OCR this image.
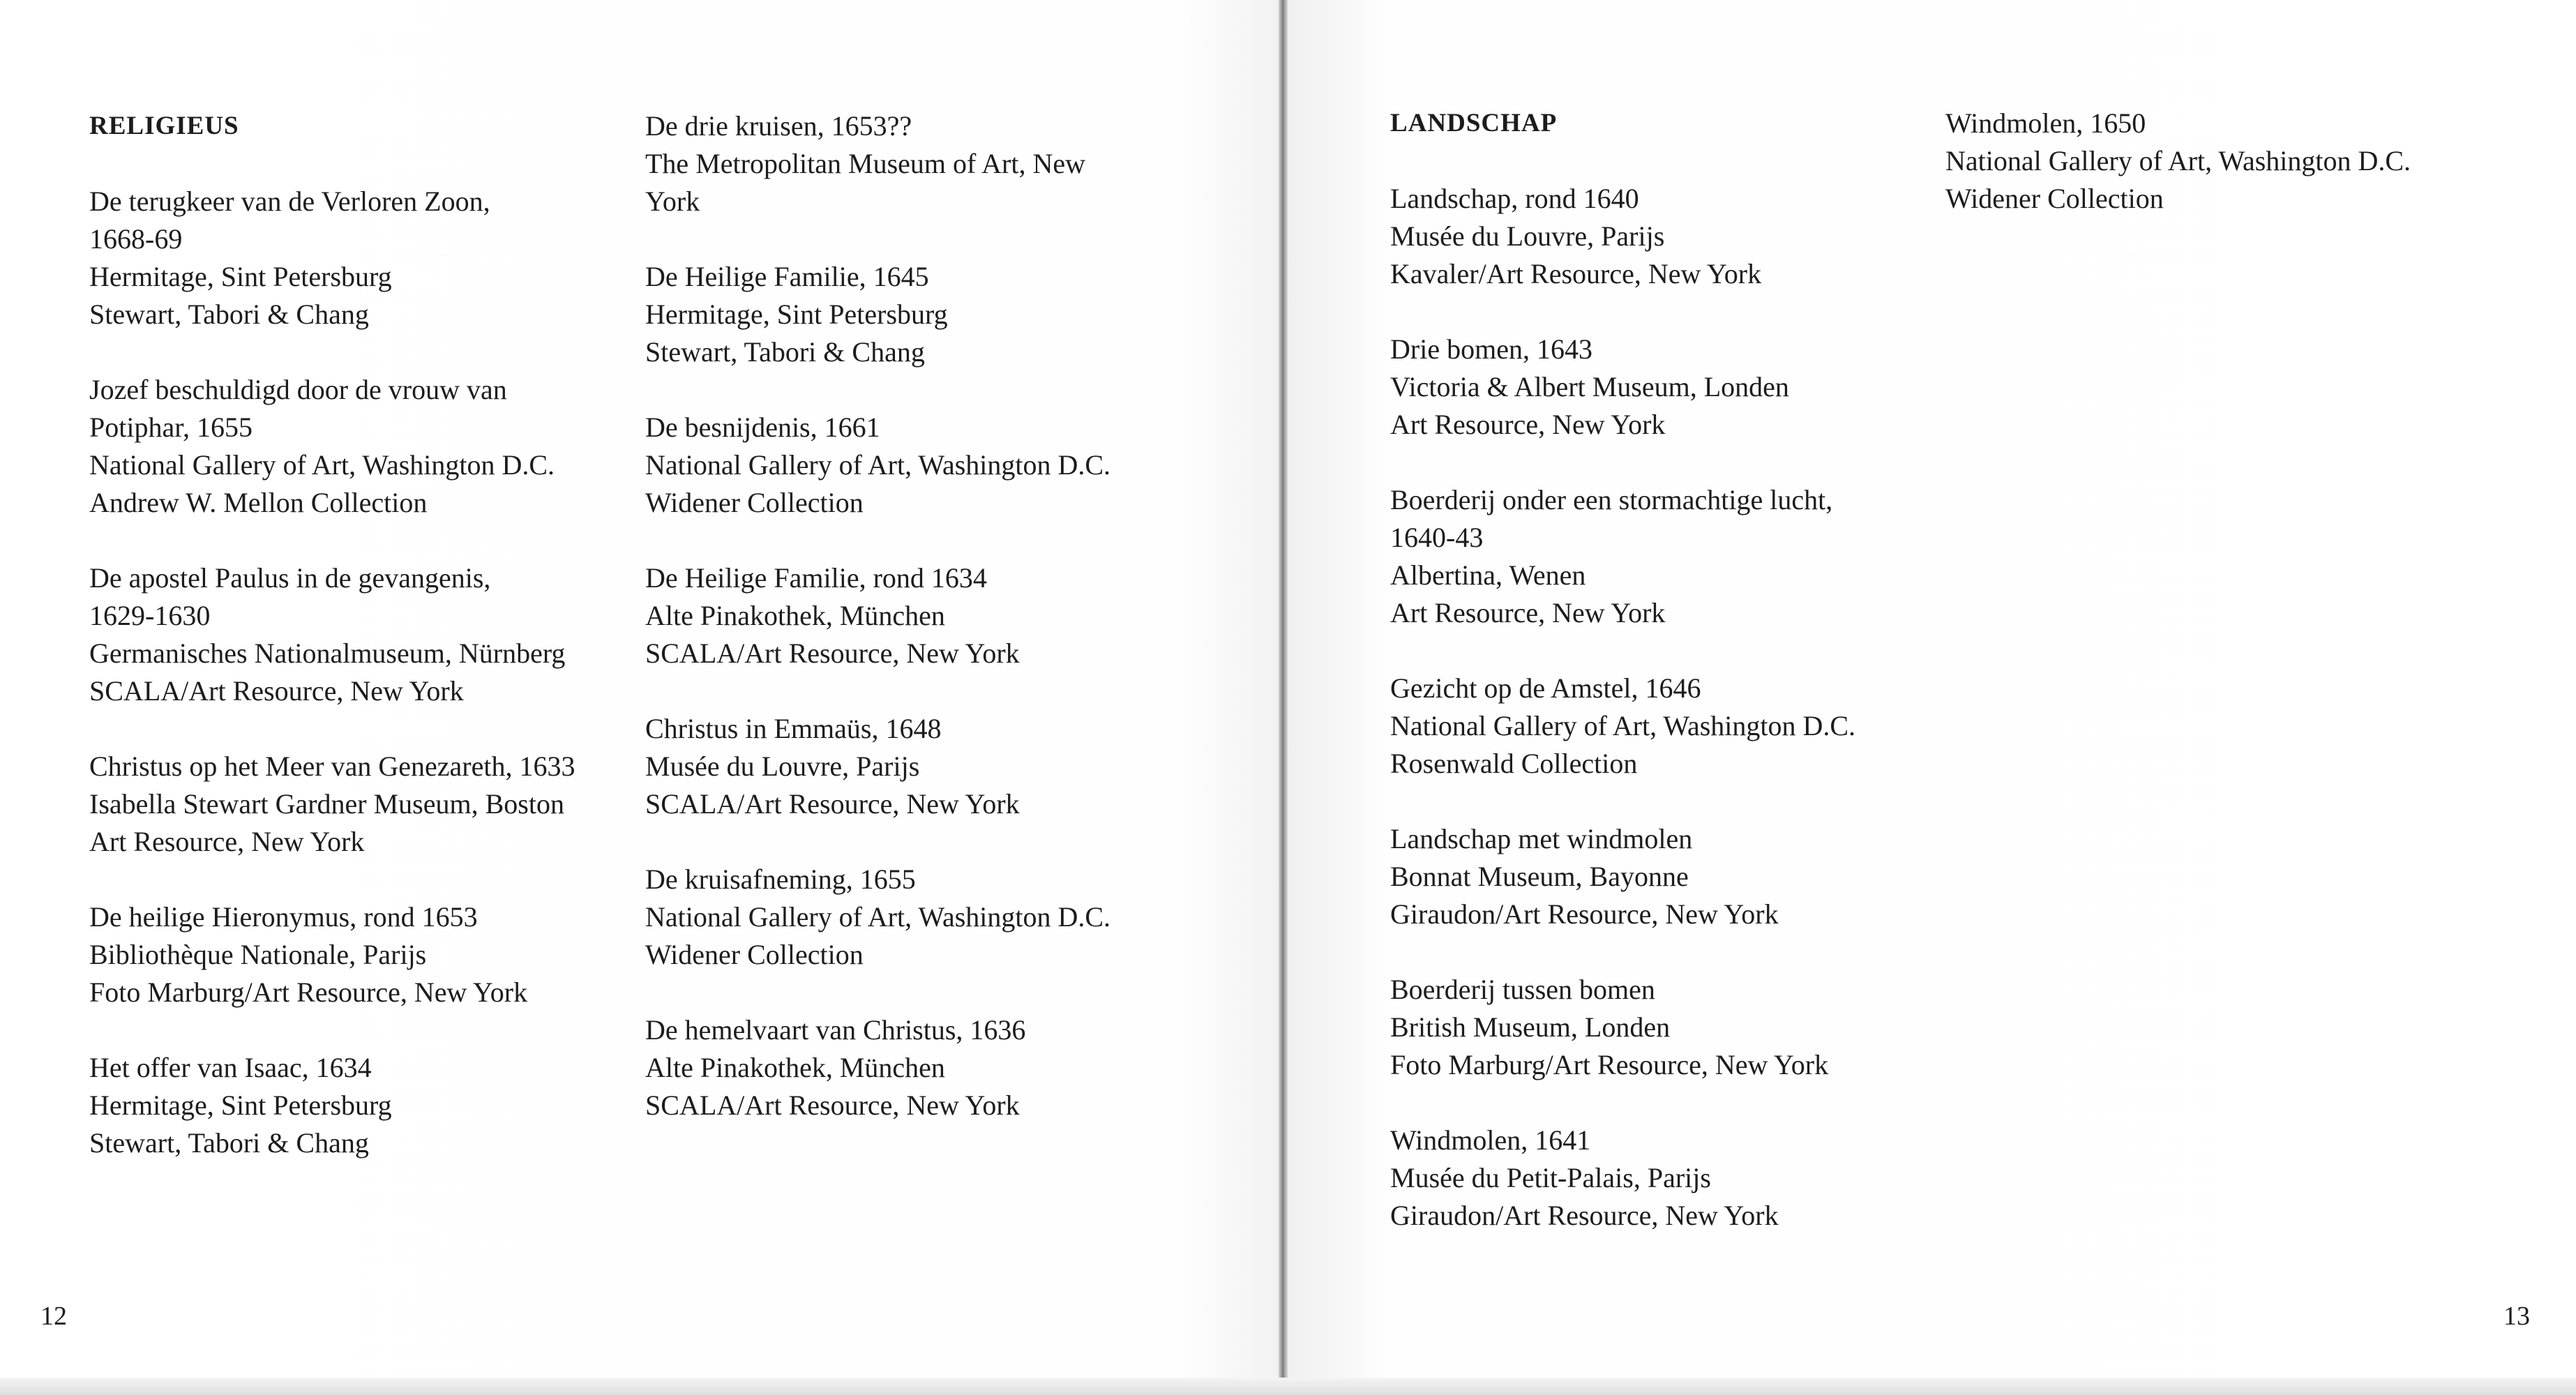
RELIGIEUS
De terugkeer van de Verloren Zoon,
1668-69
Hermitage, Sint Petersburg
Stewart, Tabori & Chang
Jozef beschuldigd door de vrouw van
Potiphar, 1655
National Gallery of Art, Washington D.C.
Andrew W. Mellon Collection
De apostel Paulus in de gevangenis,
1629-1630
Germanisches Nationalmuseum, Nürnberg
SCALA/Art Resource, New York
Christus op het Meer van Genezareth, 1633
Isabella Stewart Gardner Museum, Boston
Art Resource, New York
De heilige Hieronymus, rond 1653
Bibliothèque Nationale, Parijs
Foto Marburg/Art Resource, New York
Het offer van Isaac, 1634
Hermitage, Sint Petersburg
Stewart, Tabori & Chang
De drie kruisen, 1653??
The Metropolitan Museum of Art, New
York
De Heilige Familie, 1645
Hermitage, Sint Petersburg
Stewart, Tabori & Chang
De besnijdenis, 1661
National Gallery of Art, Washington D.C.
Widener Collection
De Heilige Familie, rond 1634
Alte Pinakothek, München
SCALA/Art Resource, New York
Christus in Emmaüs, 1648
Musée du Louvre, Parijs
SCALA/Art Resource, New York
De kruisafneming, 1655
National Gallery of Art, Washington D.C.
Widener Collection
De hemelvaart van Christus, 1636
Alte Pinakothek, München
SCALA/Art Resource, New York
12
LANDSCHAP
Landschap, rond 1640
Musée du Louvre, Parijs
Kavaler/Art Resource, New York
Drie bomen, 1643
Victoria & Albert Museum, Londen
Art Resource, New York
Boerderij onder een stormachtige lucht,
1640-43
Albertina, Wenen
Art Resource, New York
Gezicht op de Amstel, 1646
National Gallery of Art, Washington D.C.
Rosenwald Collection
Landschap met windmolen
Bonnat Museum, Bayonne
Giraudon/Art Resource, New York
Boerderij tussen bomen
British Museum, Londen
Foto Marburg/Art Resource, New York
Windmolen, 1641
Musée du Petit-Palais, Parijs
Giraudon/Art Resource, New York
Windmolen, 1650
National Gallery of Art, Washington D.C.
Widener Collection
13
